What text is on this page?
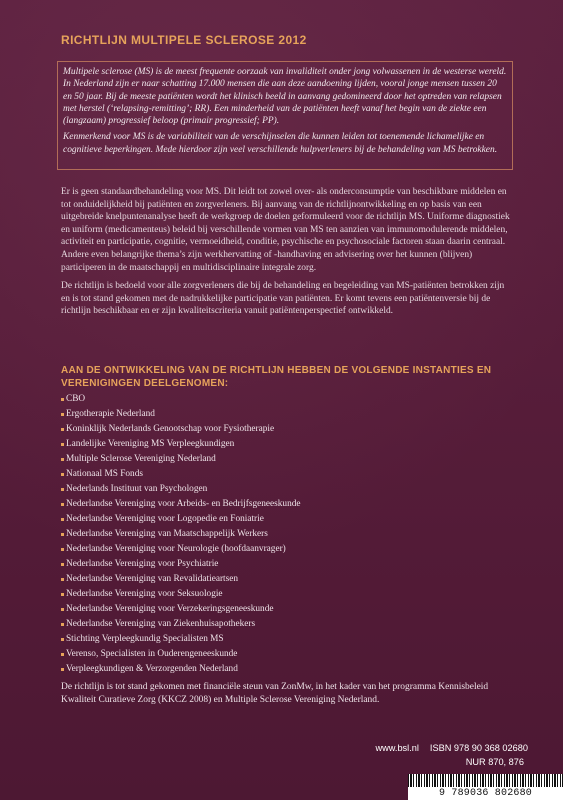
RICHTLIJN MULTIPELE SCLEROSE 2012

Multipele sclerose (MS) is de meest frequente oorzaak van invaliditeit onder jong volwassenen in de westerse wereld. In Nederland zijn er naar schatting 17.000 mensen die aan deze aandoening lijden, vooral jonge mensen tussen 20 en 50 jaar. Bij de meeste patiënten wordt het klinisch beeld in aanvang gedomineerd door het optreden van relapsen met herstel (‘relapsing-remitting’; RR). Een minderheid van de patiënten heeft vanaf het begin van de ziekte een (langzaam) progressief beloop (primair progressief; PP).

Kenmerkend voor MS is de variabiliteit van de verschijnselen die kunnen leiden tot toenemende lichamelijke en cognitieve beperkingen. Mede hierdoor zijn veel verschillende hulpverleners bij de behandeling van MS betrokken.

Er is geen standaardbehandeling voor MS. Dit leidt tot zowel over- als onderconsumptie van beschikbare middelen en tot onduidelijkheid bij patiënten en zorgverleners. Bij aanvang van de richtlijnontwikkeling en op basis van een uitgebreide knelpuntenanalyse heeft de werkgroep de doelen geformuleerd voor de richtlijn MS. Uniforme diagnostiek en uniform (medicamenteus) beleid bij verschillende vormen van MS ten aanzien van immunomodulerende middelen, activiteit en participatie, cognitie, vermoeidheid, conditie, psychische en psychosociale factoren staan daarin centraal. Andere even belangrijke thema’s zijn werkhervatting of -handhaving en advisering over het kunnen (blijven) participeren in de maatschappij en multidisciplinaire integrale zorg.

De richtlijn is bedoeld voor alle zorgverleners die bij de behandeling en begeleiding van MS-patiënten betrokken zijn en is tot stand gekomen met de nadrukkelijke participatie van patiënten. Er komt tevens een patiëntenversie bij de richtlijn beschikbaar en er zijn kwaliteitscriteria vanuit patiëntenperspectief ontwikkeld.

AAN DE ONTWIKKELING VAN DE RICHTLIJN HEBBEN DE VOLGENDE INSTANTIES EN VERENIGINGEN DEELGENOMEN:
CBO
Ergotherapie Nederland
Koninklijk Nederlands Genootschap voor Fysiotherapie
Landelijke Vereniging MS Verpleegkundigen
Multiple Sclerose Vereniging Nederland
Nationaal MS Fonds
Nederlands Instituut van Psychologen
Nederlandse Vereniging voor Arbeids- en Bedrijfsgeneeskunde
Nederlandse Vereniging voor Logopedie en Foniatrie
Nederlandse Vereniging van Maatschappelijk Werkers
Nederlandse Vereniging voor Neurologie (hoofdaanvrager)
Nederlandse Vereniging voor Psychiatrie
Nederlandse Vereniging van Revalidatieartsen
Nederlandse Vereniging voor Seksuologie
Nederlandse Vereniging voor Verzekeringsgeneeskunde
Nederlandse Vereniging van Ziekenhuisapothekers
Stichting Verpleegkundig Specialisten MS
Verenso, Specialisten in Ouderengeneeskunde
Verpleegkundigen & Verzorgenden Nederland

De richtlijn is tot stand gekomen met financiële steun van ZonMw, in het kader van het programma Kennisbeleid Kwaliteit Curatieve Zorg (KKCZ 2008) en Multiple Sclerose Vereniging Nederland.

www.bsl.nl ISBN 978 90 368 02680
NUR 870, 876

9 789036 802680
